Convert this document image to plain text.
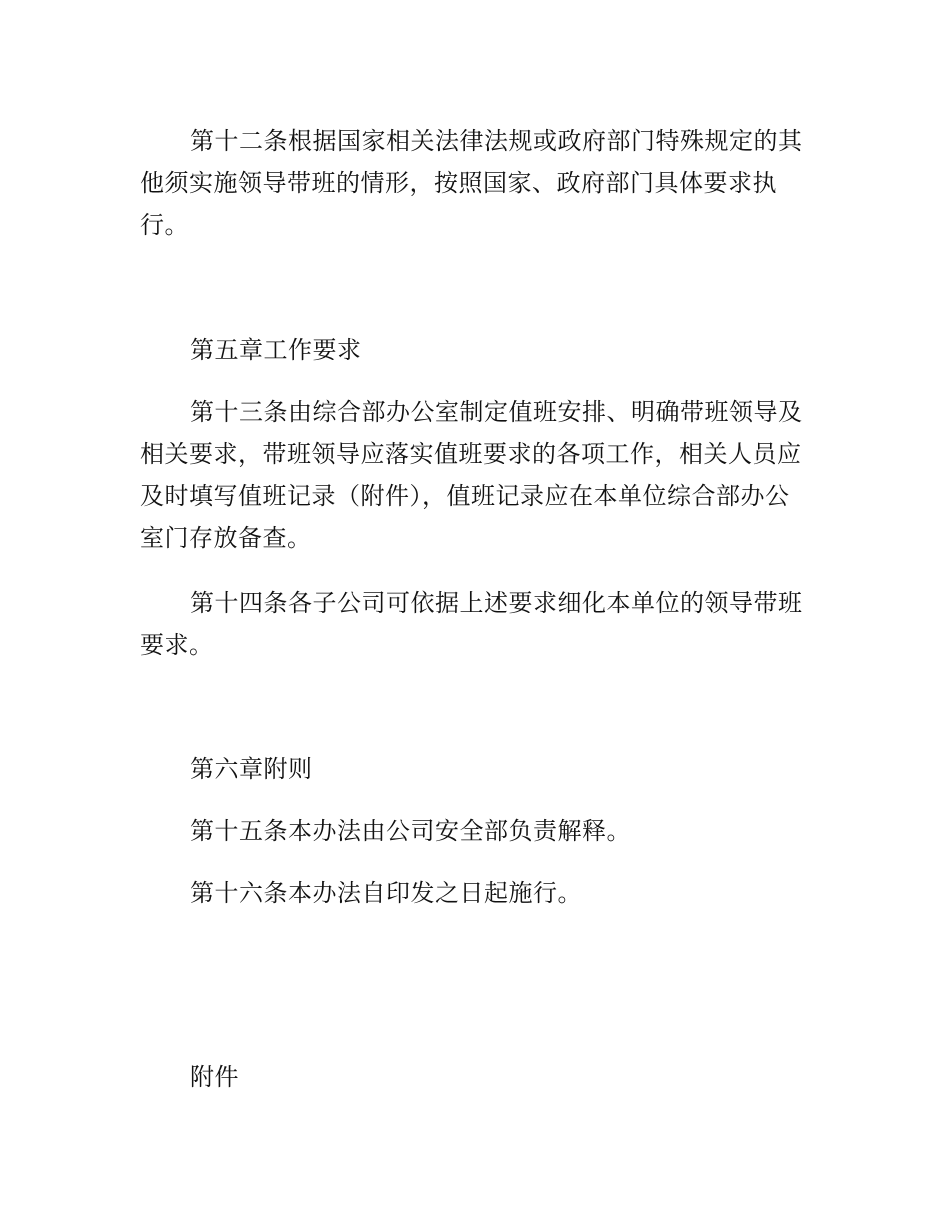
第十二条根据国家相关法律法规或政府部门特殊规定的其他须实施领导带班的情形，按照国家、政府部门具体要求执行。

第五章工作要求

第十三条由综合部办公室制定值班安排、明确带班领导及相关要求，带班领导应落实值班要求的各项工作，相关人员应及时填写值班记录（附件），值班记录应在本单位综合部办公室门存放备查。

第十四条各子公司可依据上述要求细化本单位的领导带班要求。

第六章附则

第十五条本办法由公司安全部负责解释。

第十六条本办法自印发之日起施行。

附件
